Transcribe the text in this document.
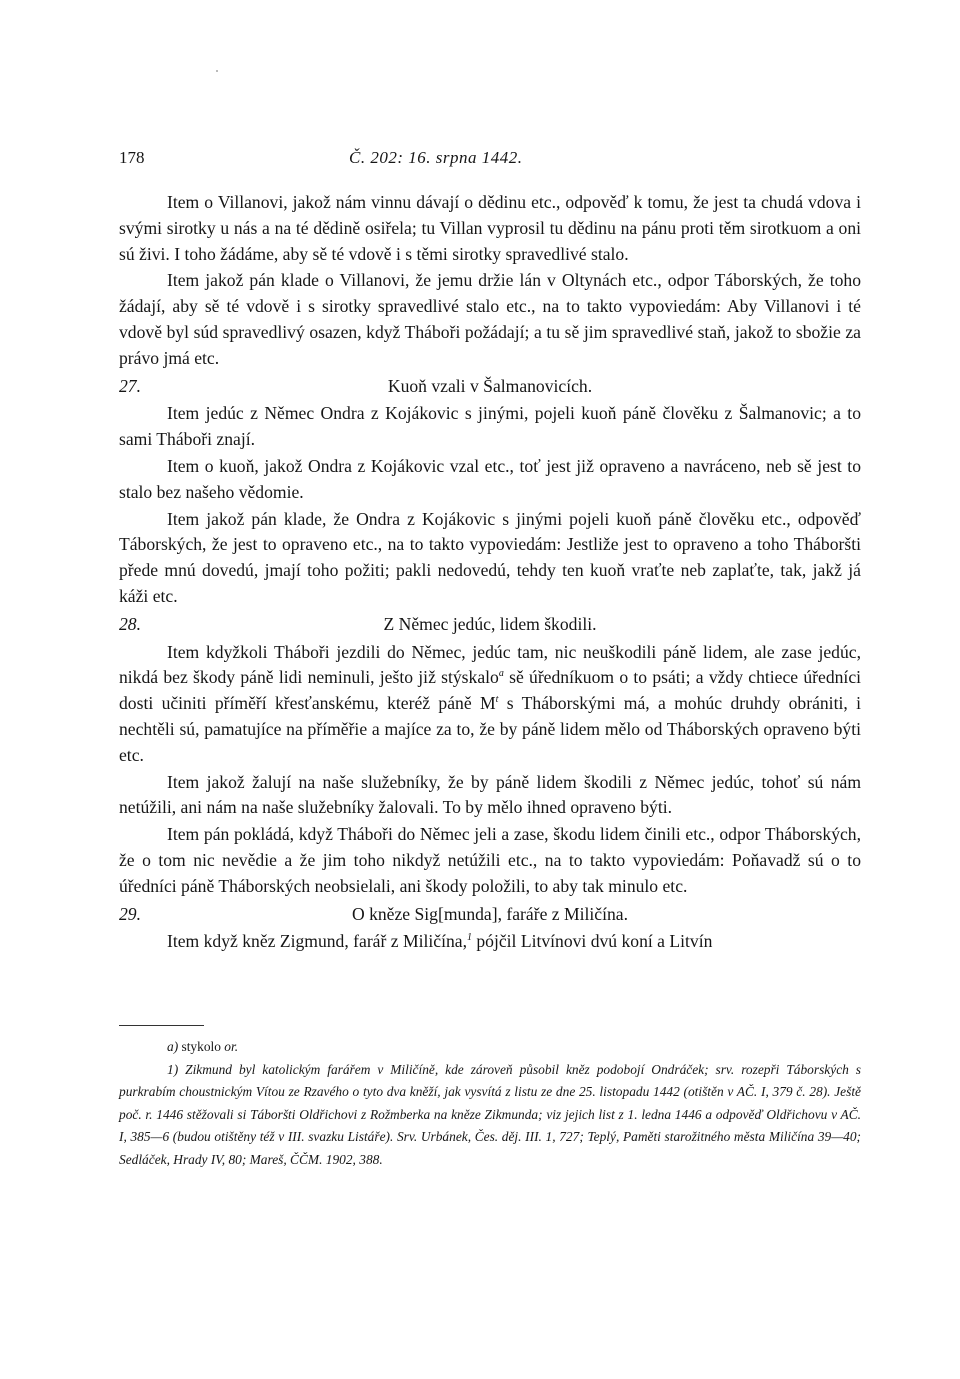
178	Č. 202: 16. srpna 1442.

Item o Villanovi, jakož nám vinnu dávají o dědinu etc., odpověď k tomu, že jest ta chudá vdova i svými sirotky u nás a na té dědině osiřela; tu Villan vyprosil tu dědinu na pánu proti těm sirotkuom a oni sú živi. I toho žádáme, aby sě té vdově i s těmi sirotky spravedlivé stalo.

Item jakož pán klade o Villanovi, že jemu držie lán v Oltynách etc., odpor Táborských, že toho žádají, aby sě té vdově i s sirotky spravedlivé stalo etc., na to takto vypoviedám: Aby Villanovi i té vdově byl súd spravedlivý osazen, když Tháboři požádají; a tu sě jim spravedlivé staň, jakož to sbožie za právo jmá etc.

27.	Kuoň vzali v Šalmanovicích.

Item jedúc z Němec Ondra z Kojákovic s jinými, pojeli kuoň páně člověku z Šalmanovic; a to sami Tháboři znají.

Item o kuoň, jakož Ondra z Kojákovic vzal etc., toť jest již opraveno a navráceno, neb sě jest to stalo bez našeho vědomie.

Item jakož pán klade, že Ondra z Kojákovic s jinými pojeli kuoň páně člověku etc., odpověď Táborských, že jest to opraveno etc., na to takto vypoviedám: Jestliže jest to opraveno a toho Tháboršti přede mnú dovedú, jmají toho požiti; pakli nedovedú, tehdy ten kuoň vraťte neb zaplaťte, tak, jakž já káži etc.

28.	Z Němec jedúc, lidem škodili.

Item kdyžkoli Tháboři jezdili do Němec, jedúc tam, nic neuškodili páně lidem, ale zase jedúc, nikdá bez škody páně lidi neminuli, ješto již stýskalo$^a$ sě úředníkuom o to psáti; a vždy chtiece úředníci dosti učiniti příměří křesťanskému, kteréž páně $M^t$ s Tháborskými má, a mohúc druhdy obrániti, i nechtěli sú, pamatujíce na příměřie a majíce za to, že by páně lidem mělo od Tháborských opraveno býti etc.

Item jakož žalují na naše služebníky, že by páně lidem škodili z Němec jedúc, tohoť sú nám netúžili, ani nám na naše služebníky žalovali. To by mělo ihned opraveno býti.

Item pán pokládá, když Tháboři do Němec jeli a zase, škodu lidem činili etc., odpor Tháborských, že o tom nic nevědie a že jim toho nikdyž netúžili etc., na to takto vypoviedám: Poňavadž sú o to úředníci páně Tháborských neobsielali, ani škody položili, to aby tak minulo etc.

29.	O kněze Sig[munda], faráře z Miličína.

Item když kněz Zigmund, farář z Miličína,$^1$ pójčil Litvínovi dvú koní a Litvín

a) stykolo or.

1) Zikmund byl katolickým farářem v Miličíně, kde zároveň působil kněz podobojí Ondráček; srv. rozepři Táborských s purkrabím choustnickým Vítou ze Rzavého o tyto dva kněží, jak vysvítá z listu ze dne 25. listopadu 1442 (otištěn v AČ. I, 379 č. 28). Ještě poč. r. 1446 stěžovali si Táboršti Oldřichovi z Rožmberka na kněze Zikmunda; viz jejich list z 1. ledna 1446 a odpověď Oldřichovu v AČ. I, 385—6 (budou otištěny též v III. svazku Listáře). Srv. Urbánek, Čes. děj. III. 1, 727; Teplý, Paměti starožitného města Miličína 39—40; Sedláček, Hrady IV, 80; Mareš, ČČM. 1902, 388.
